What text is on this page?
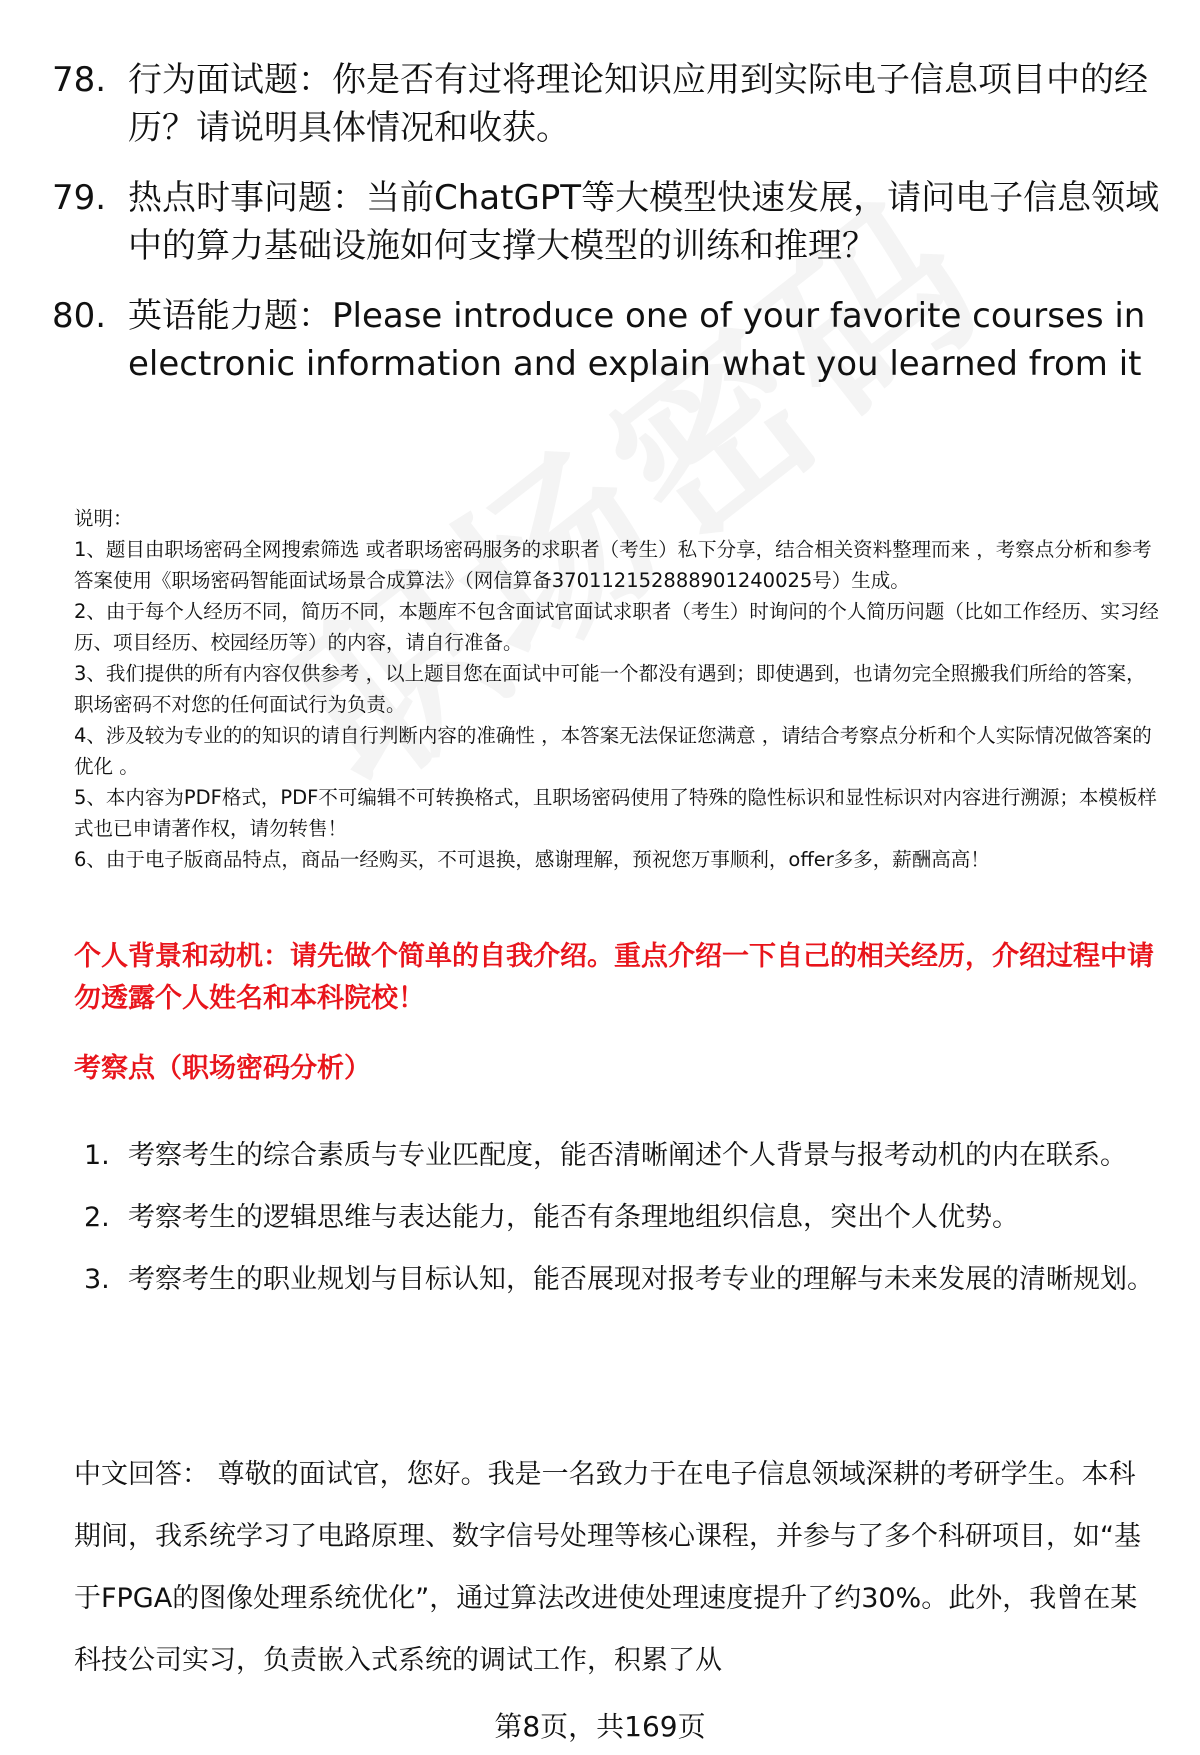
78. 行为面试题：你是否有过将理论知识应用到实际电子信息项目中的经历？请说明具体情况和收获。
79. 热点时事问题：当前ChatGPT等大模型快速发展，请问电子信息领域中的算力基础设施如何支撑大模型的训练和推理？
80. 英语能力题：Please introduce one of your favorite courses in electronic information and explain what you learned from it

说明：

1、题目由职场密码全网搜索筛选 或者职场密码服务的求职者（考生）私下分享，结合相关资料整理而来 ，考察点分析和参考答案使用《职场密码智能面试场景合成算法》（网信算备370112152888901240025号）生成。

2、由于每个人经历不同，简历不同，本题库不包含面试官面试求职者（考生）时询问的个人简历问题（比如工作经历、实习经历、项目经历、校园经历等）的内容，请自行准备。

3、我们提供的所有内容仅供参考 ，以上题目您在面试中可能一个都没有遇到；即使遇到，也请勿完全照搬我们所给的答案，职场密码不对您的任何面试行为负责。

4、涉及较为专业的的知识的请自行判断内容的准确性 ，本答案无法保证您满意 ，请结合考察点分析和个人实际情况做答案的优化 。

5、本内容为PDF格式，PDF不可编辑不可转换格式，且职场密码使用了特殊的隐性标识和显性标识对内容进行溯源；本模板样式也已申请著作权，请勿转售！

6、由于电子版商品特点，商品一经购买，不可退换，感谢理解，预祝您万事顺利，offer多多，薪酬高高！

个人背景和动机：请先做个简单的自我介绍。重点介绍一下自己的相关经历，介绍过程中请勿透露个人姓名和本科院校！
考察点（职场密码分析）
1. 考察考生的综合素质与专业匹配度，能否清晰阐述个人背景与报考动机的内在联系。
2. 考察考生的逻辑思维与表达能力，能否有条理地组织信息，突出个人优势。
3. 考察考生的职业规划与目标认知，能否展现对报考专业的理解与未来发展的清晰规划。
中文回答： 尊敬的面试官，您好。我是一名致力于在电子信息领域深耕的考研学生。本科期间，我系统学习了电路原理、数字信号处理等核心课程，并参与了多个科研项目，如“基于FPGA的图像处理系统优化”，通过算法改进使处理速度提升了约30%。此外，我曾在某科技公司实习，负责嵌入式系统的调试工作，积累了从
第8页，共169页
